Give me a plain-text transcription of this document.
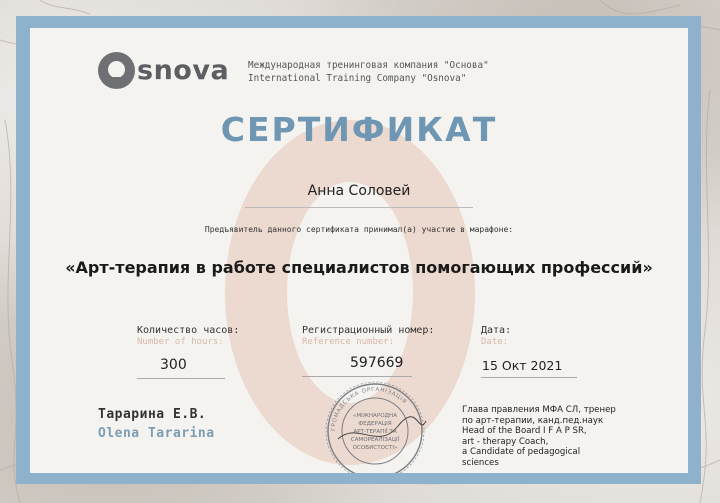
snova Международная тренинговая компания "Основа"
International Training Company "Osnova"
СЕРТИФИКАТ
Анна Соловей
Предъявитель данного сертификата принимал(а) участие в марафоне:
«Арт-терапия в работе специалистов помогающих профессий»
Количество часов:
Number of hours:
300
Регистрационный номер:
Reference number:
597669
Дата:
Date:
15 Окт 2021
Тарарина Е.В.
Olena Tararina	ГРОМАДСЬКА ОРГАНІЗАЦІЯ
«МІЖНАРОДНА
ФЕДЕРАЦІЯ
АРТ-ТЕРАПІЇ ТА
САМОРЕАЛІЗАЦІЇ
ОСОБИСТОСТІ»
Глава правления МФА СЛ, тренер
по арт-терапии, канд.пед.наук
Head of the Board I F A P SR,
art - therapy Coach,
a Candidate of pedagogical
sciences
